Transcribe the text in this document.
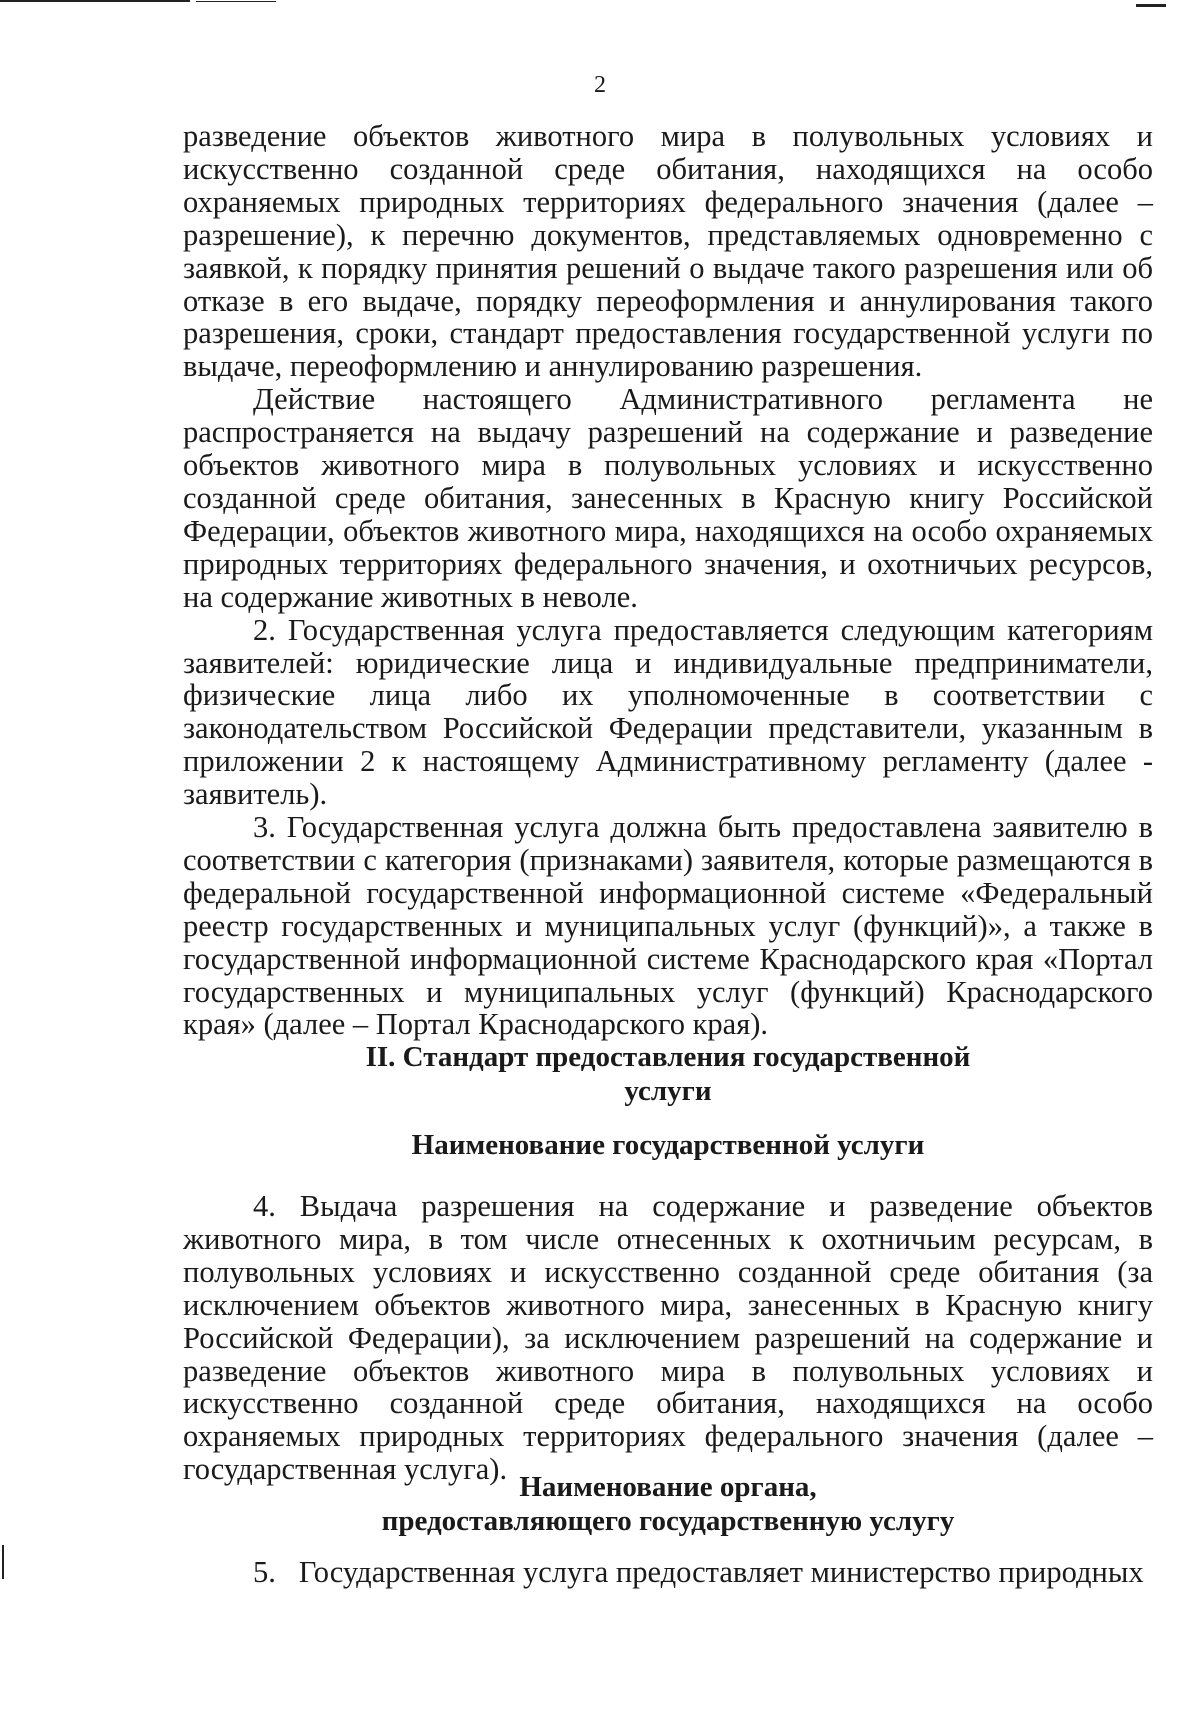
2

разведение объектов животного мира в полувольных условиях и искусственно созданной среде обитания, находящихся на особо охраняемых природных территориях федерального значения (далее – разрешение), к перечню документов, представляемых одновременно с заявкой, к порядку принятия решений о выдаче такого разрешения или об отказе в его выдаче, порядку переоформления и аннулирования такого разрешения, сроки, стандарт предоставления государственной услуги по выдаче, переоформлению и аннулированию разрешения.

Действие настоящего Административного регламента не распространяется на выдачу разрешений на содержание и разведение объектов животного мира в полувольных условиях и искусственно созданной среде обитания, занесенных в Красную книгу Российской Федерации, объектов животного мира, находящихся на особо охраняемых природных территориях федерального значения, и охотничьих ресурсов, на содержание животных в неволе.

2. Государственная услуга предоставляется следующим категориям заявителей: юридические лица и индивидуальные предприниматели, физические лица либо их уполномоченные в соответствии с законодательством Российской Федерации представители, указанным в приложении 2 к настоящему Административному регламенту (далее - заявитель).

3. Государственная услуга должна быть предоставлена заявителю в соответствии с категория (признаками) заявителя, которые размещаются в федеральной государственной информационной системе «Федеральный реестр государственных и муниципальных услуг (функций)», а также в государственной информационной системе Краснодарского края «Портал государственных и муниципальных услуг (функций) Краснодарского края» (далее – Портал Краснодарского края).

II. Стандарт предоставления государственной
услуги
Наименование государственной услуги

4. Выдача разрешения на содержание и разведение объектов животного мира, в том числе отнесенных к охотничьим ресурсам, в полувольных условиях и искусственно созданной среде обитания (за исключением объектов животного мира, занесенных в Красную книгу Российской Федерации), за исключением разрешений на содержание и разведение объектов животного мира в полувольных условиях и искусственно созданной среде обитания, находящихся на особо охраняемых природных территориях федерального значения (далее – государственная услуга).

Наименование органа,
предоставляющего государственную услугу

5.   Государственная услуга предоставляет министерство природных
